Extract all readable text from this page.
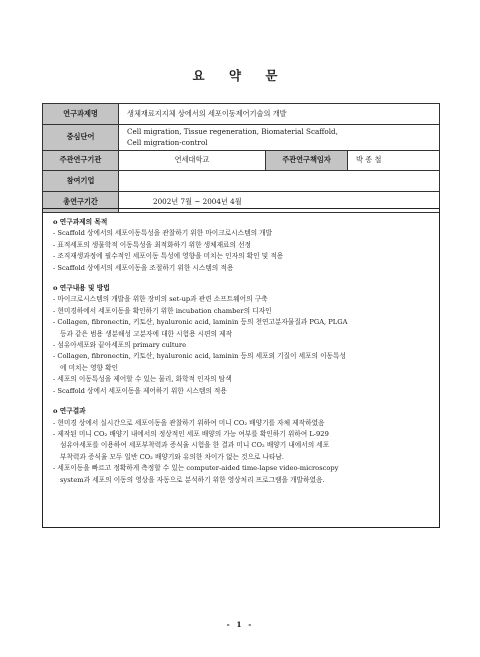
요 약 문
연구과제명	생체재료지지체 상에서의 세포이동제어기술의 개발		
중심단어	Cell migration, Tissue regeneration, Biomaterial Scaffold,
Cell migration-control		

주관연구기관	연세대학교	주관연구책임자	박 종 철
참여기업			
총연구기간	2002년 7월 ~ 2004년 4월		
o 연구과제의 목적
- Scaffold 상에서의 세포이동특성을 관찰하기 위한 마이크로시스템의 개발
- 표적세포의 생물학적 이동특성을 최적화하기 위한 생체재료의 선정
- 조직재생과정에 필수적인 세포이동 특성에 영향을 미치는 인자의 확인 및 적용
- Scaffold 상에서의 세포이동을 조절하기 위한 시스템의 적용
o 연구내용 및 방법
- 마이크로시스템의 개발을 위한 장비의 set-up과 관련 소프트웨어의 구축
- 현미경하에서 세포이동을 확인하기 위한 incubation chamber의 디자인
- Collagen, fibronectin, 키토산, hyaluronic acid, laminin 등의 천연고분자물질과 PGA, PLGA
등과 같은 범용 생분해성 고분자에 대한 시험용 시편의 제작
- 섬유아세포와 끝아세포의 primary culture
- Collagen, fibronectin, 키토산, hyaluronic acid, laminin 등의 세포외 기질이 세포의 이동특성
에 미치는 영향 확인
- 세포의 이동특성을 제어할 수 있는 물리, 화학적 인자의 탐색
- Scaffold 상에서 세포이동을 제어하기 위한 시스템의 적용
o 연구결과
- 현미경 상에서 실시간으로 세포이동을 관찰하기 위하여 미니 CO₂ 배양기를 자체 제작하였음
- 제작된 미니 CO₂ 배양기 내에서의 정상적인 세포 배양의 가능 여부를 확인하기 위하여 L-929
섬유아세포를 이용하여 세포부착력과 증식율 시험을 한 결과 미니 CO₂ 배양기 내에서의 세포
부착력과 증식율 모두 일반 CO₂ 배양기와 유의한 차이가 없는 것으로 나타남.
- 세포이동을 빠르고 정확하게 측정할 수 있는 computer-aided time-lapse video-microscopy
system과 세포의 이동의 영상을 자동으로 분석하기 위한 영상처리 프로그램을 개발하였음.
- 1 -
